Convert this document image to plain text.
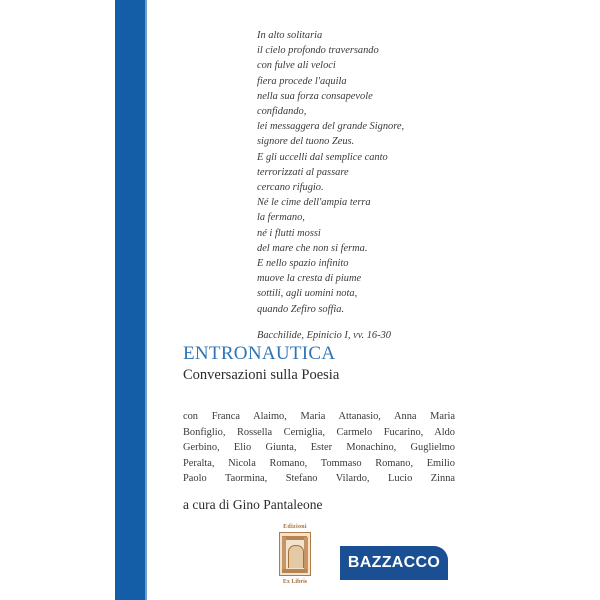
In alto solitaria
il cielo profondo traversando
con fulve ali veloci
fiera procede l'aquila
nella sua forza consapevole
confidando,
lei messaggera del grande Signore,
signore del tuono Zeus.
E gli uccelli dal semplice canto
terrorizzati al passare
cercano rifugio.
Né le cime dell'ampia terra
la fermano,
né i flutti mossi
del mare che non si ferma.
E nello spazio infinito
muove la cresta di piume
sottili, agli uomini nota,
quando Zefiro soffia.
Bacchilide, Epinicio I, vv. 16-30
ENTRONAUTICA
Conversazioni sulla Poesia
con Franca Alaimo, Maria Attanasio, Anna Maria
Bonfiglio, Rossella Cerniglia, Carmelo Fucarino, Aldo
Gerbino, Elio Giunta, Ester Monachino, Guglielmo
Peralta, Nicola Romano, Tommaso Romano, Emilio
Paolo Taormina, Stefano Vilardo, Lucio Zinna
a cura di Gino Pantaleone
Edizioni
Ex Libris
BAZZACCO
